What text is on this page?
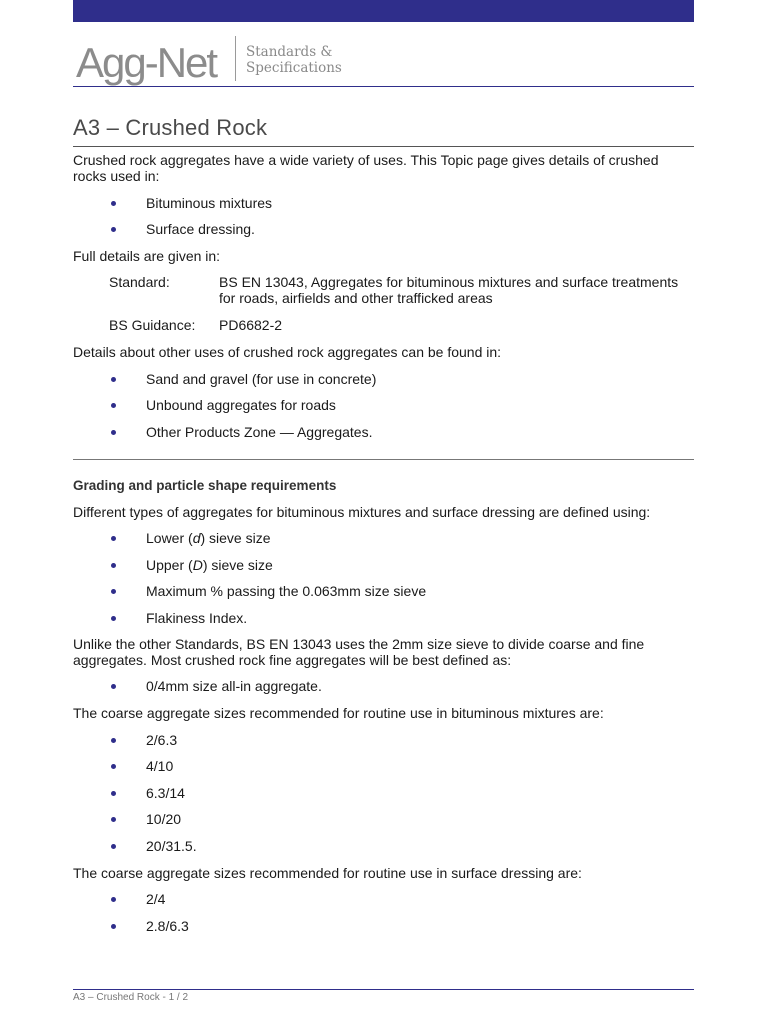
Agg-Net Standards &
Specifications
A3 – Crushed Rock

Crushed rock aggregates have a wide variety of uses. This Topic page gives details of crushed rocks used in:

Bituminous mixtures
Surface dressing.

Full details are given in:

Standard:	BS EN 13043, Aggregates for bituminous mixtures and surface treatments for roads, airfields and other trafficked areas
BS Guidance:	PD6682-2

Details about other uses of crushed rock aggregates can be found in:

Sand and gravel (for use in concrete)
Unbound aggregates for roads
Other Products Zone — Aggregates.

Grading and particle shape requirements

Different types of aggregates for bituminous mixtures and surface dressing are defined using:

Lower (d) sieve size
Upper (D) sieve size
Maximum % passing the 0.063mm size sieve
Flakiness Index.

Unlike the other Standards, BS EN 13043 uses the 2mm size sieve to divide coarse and fine aggregates. Most crushed rock fine aggregates will be best defined as:

0/4mm size all-in aggregate.

The coarse aggregate sizes recommended for routine use in bituminous mixtures are:

2/6.3
4/10
6.3/14
10/20
20/31.5.

The coarse aggregate sizes recommended for routine use in surface dressing are:

2/4
2.8/6.3
A3 – Crushed Rock - 1 / 2
